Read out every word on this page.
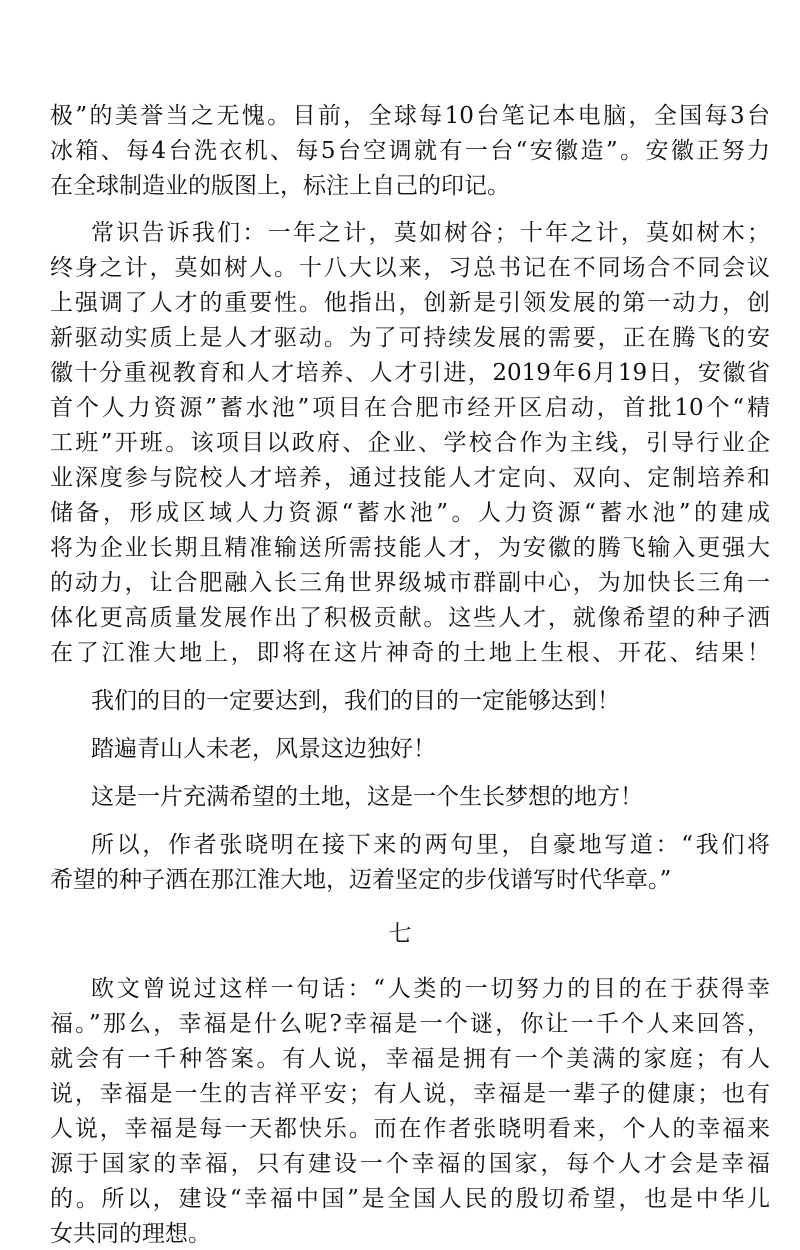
极”的美誉当之无愧。目前，全球每10台笔记本电脑，全国每3台
冰箱、每4台洗衣机、每5台空调就有一台“安徽造”。安徽正努力
在全球制造业的版图上，标注上自己的印记。
常识告诉我们：一年之计，莫如树谷；十年之计，莫如树木；
终身之计，莫如树人。十八大以来，习总书记在不同场合不同会议
上强调了人才的重要性。他指出，创新是引领发展的第一动力，创
新驱动实质上是人才驱动。为了可持续发展的需要，正在腾飞的安
徽十分重视教育和人才培养、人才引进，2019年6月19日，安徽省
首个人力资源”蓄水池”项目在合肥市经开区启动，首批10个“精
工班”开班。该项目以政府、企业、学校合作为主线，引导行业企
业深度参与院校人才培养，通过技能人才定向、双向、定制培养和
储备，形成区域人力资源“蓄水池”。人力资源“蓄水池”的建成
将为企业长期且精准输送所需技能人才，为安徽的腾飞输入更强大
的动力，让合肥融入长三角世界级城市群副中心，为加快长三角一
体化更高质量发展作出了积极贡献。这些人才，就像希望的种子洒
在了江淮大地上，即将在这片神奇的土地上生根、开花、结果！
我们的目的一定要达到，我们的目的一定能够达到！
踏遍青山人未老，风景这边独好！
这是一片充满希望的土地，这是一个生长梦想的地方！
所以，作者张晓明在接下来的两句里，自豪地写道：“我们将
希望的种子洒在那江淮大地，迈着坚定的步伐谱写时代华章。”
七
欧文曾说过这样一句话：“人类的一切努力的目的在于获得幸
福。”那么，幸福是什么呢?幸福是一个谜，你让一千个人来回答，
就会有一千种答案。有人说，幸福是拥有一个美满的家庭；有人
说，幸福是一生的吉祥平安；有人说，幸福是一辈子的健康；也有
人说，幸福是每一天都快乐。而在作者张晓明看来，个人的幸福来
源于国家的幸福，只有建设一个幸福的国家，每个人才会是幸福
的。所以，建设“幸福中国”是全国人民的殷切希望，也是中华儿
女共同的理想。
